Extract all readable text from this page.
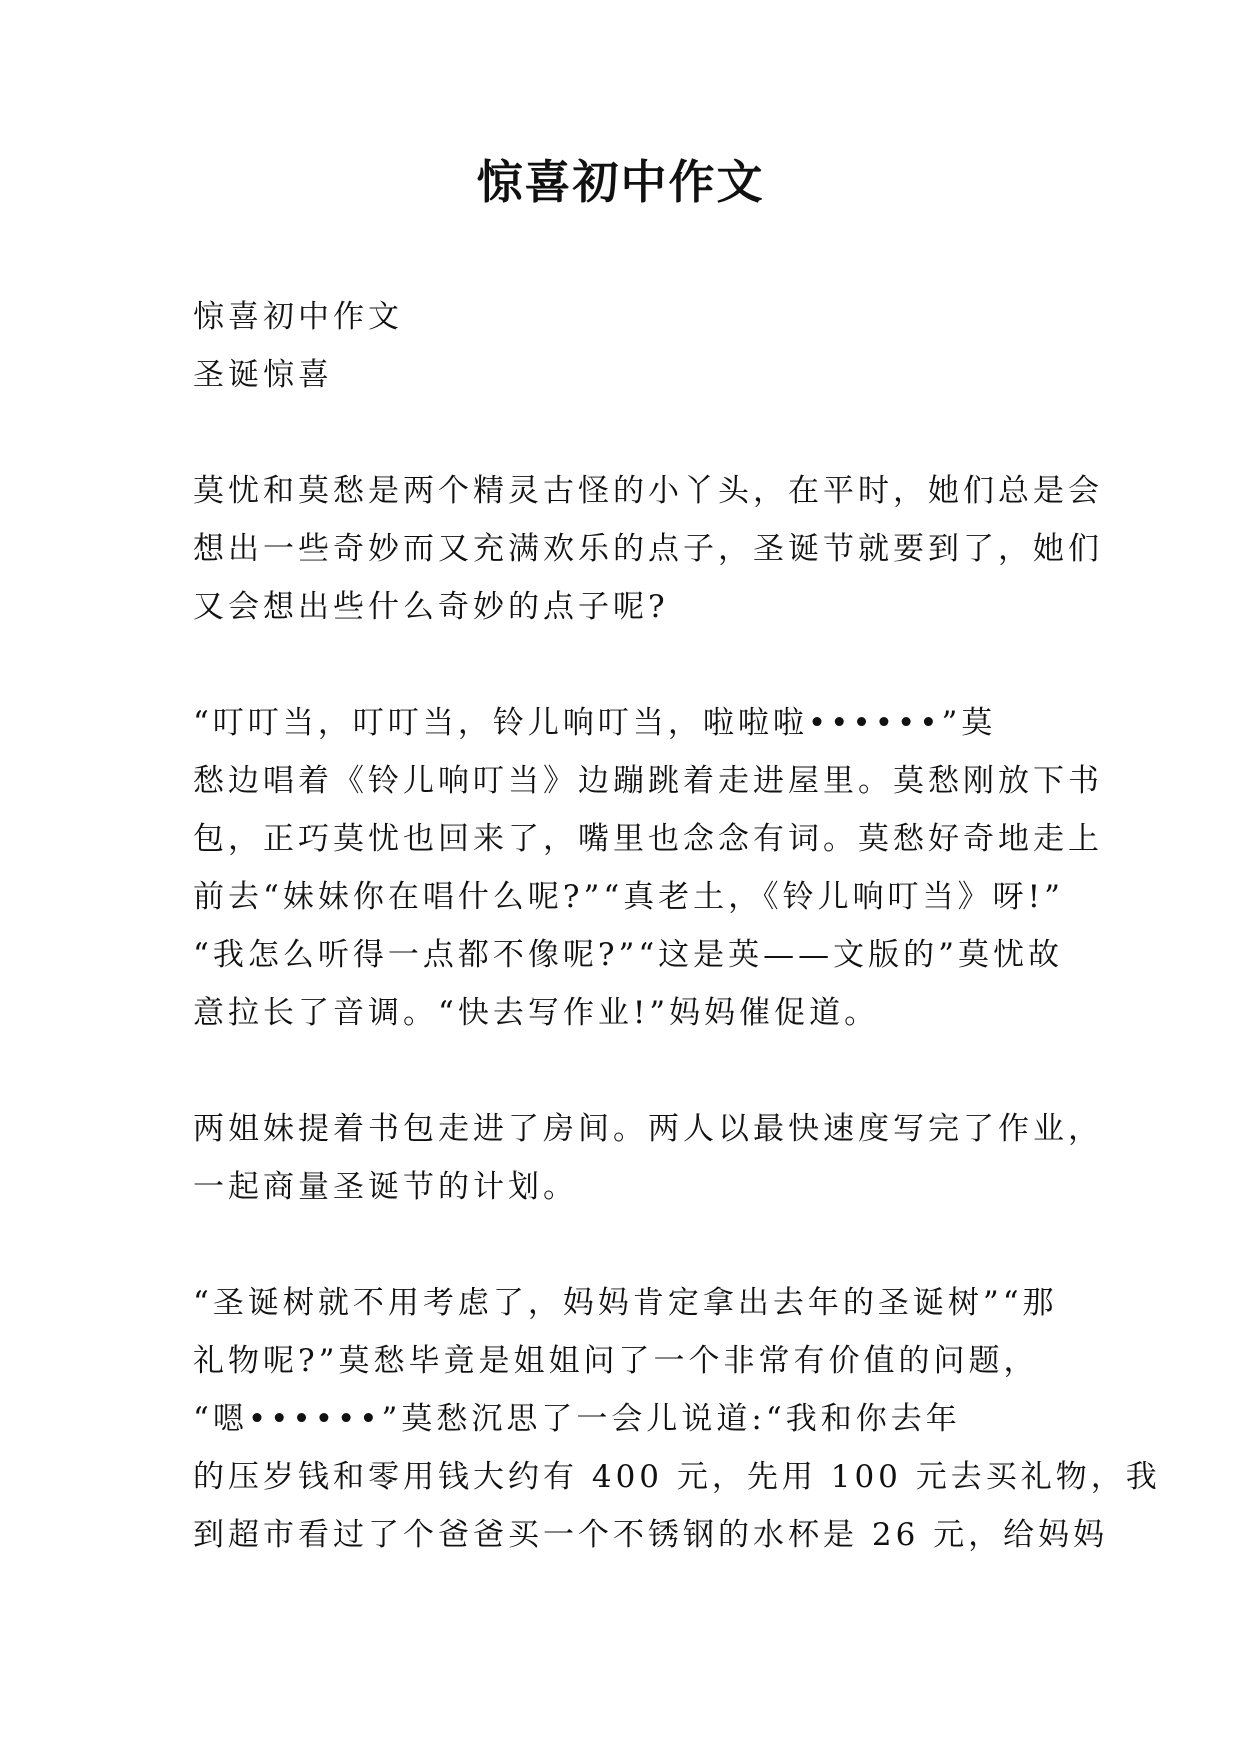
惊喜初中作文
惊喜初中作文
圣诞惊喜
莫忧和莫愁是两个精灵古怪的小丫头，在平时，她们总是会
想出一些奇妙而又充满欢乐的点子，圣诞节就要到了，她们
又会想出些什么奇妙的点子呢?
“叮叮当，叮叮当，铃儿响叮当，啦啦啦••••••”莫
愁边唱着《铃儿响叮当》边蹦跳着走进屋里。莫愁刚放下书
包，正巧莫忧也回来了，嘴里也念念有词。莫愁好奇地走上
前去“妹妹你在唱什么呢?”“真老土，《铃儿响叮当》呀!”
“我怎么听得一点都不像呢?”“这是英——文版的”莫忧故
意拉长了音调。“快去写作业!”妈妈催促道。
两姐妹提着书包走进了房间。两人以最快速度写完了作业，
一起商量圣诞节的计划。
“圣诞树就不用考虑了，妈妈肯定拿出去年的圣诞树”“那
礼物呢?”莫愁毕竟是姐姐问了一个非常有价值的问题，
“嗯••••••”莫愁沉思了一会儿说道:“我和你去年
的压岁钱和零用钱大约有 400 元，先用 100 元去买礼物，我
到超市看过了个爸爸买一个不锈钢的水杯是 26 元，给妈妈
